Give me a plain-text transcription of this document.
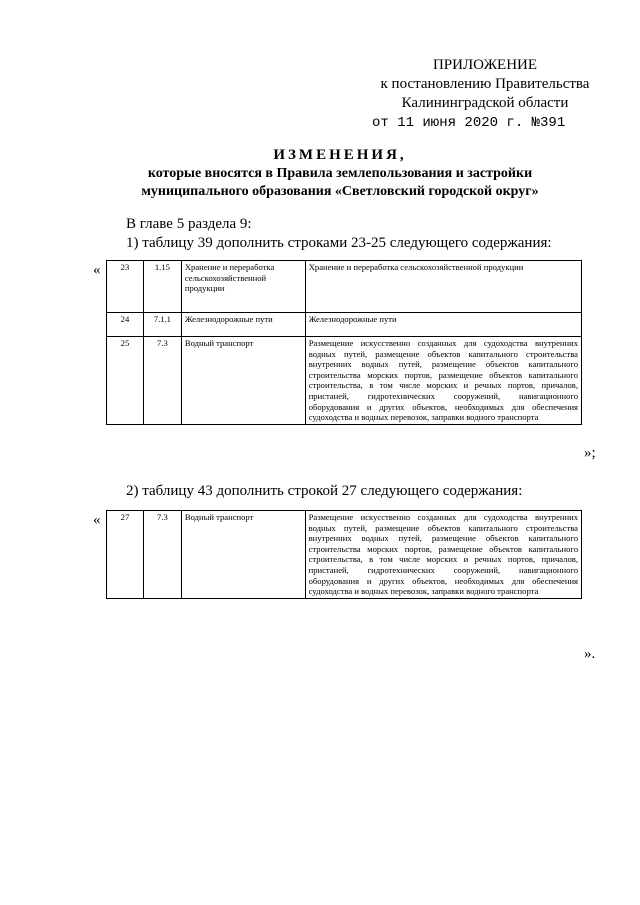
ПРИЛОЖЕНИЕ
к постановлению Правительства
Калининградской области
от 11 июня 2020 г. №391
ИЗМЕНЕНИЯ,
которые вносятся в Правила землепользования и застройки
муниципального образования «Светловский городской округ»
В главе 5 раздела 9:
1) таблицу 39 дополнить строками 23-25 следующего содержания:
« 23	1.15	Хранение и переработка сельскохозяйственной продукции	Хранение и переработка сельскохозяйственной продукции
24	7.1.1	Железнодорожные пути	Железнодорожные пути
25	7.3	Водный транспорт	Размещение искусственно созданных для судоходства внутренних водных путей, размещение объектов капитального строительства внутренних водных путей, размещение объектов капитального строительства морских портов, размещение объектов капитального строительства, в том числе морских и речных портов, причалов, пристаней, гидротехнических сооружений, навигационного оборудования и других объектов, необходимых для обеспечения судоходства и водных перевозок, заправки водного транспорта
»;
2) таблицу 43 дополнить строкой 27 следующего содержания:
« 27	7.3	Водный транспорт	Размещение искусственно созданных для судоходства внутренних водных путей, размещение объектов капитального строительства внутренних водных путей, размещение объектов капитального строительства морских портов, размещение объектов капитального строительства, в том числе морских и речных портов, причалов, пристаней, гидротехнических сооружений, навигационного оборудования и других объектов, необходимых для обеспечения судоходства и водных перевозок, заправки водного транспорта
».
